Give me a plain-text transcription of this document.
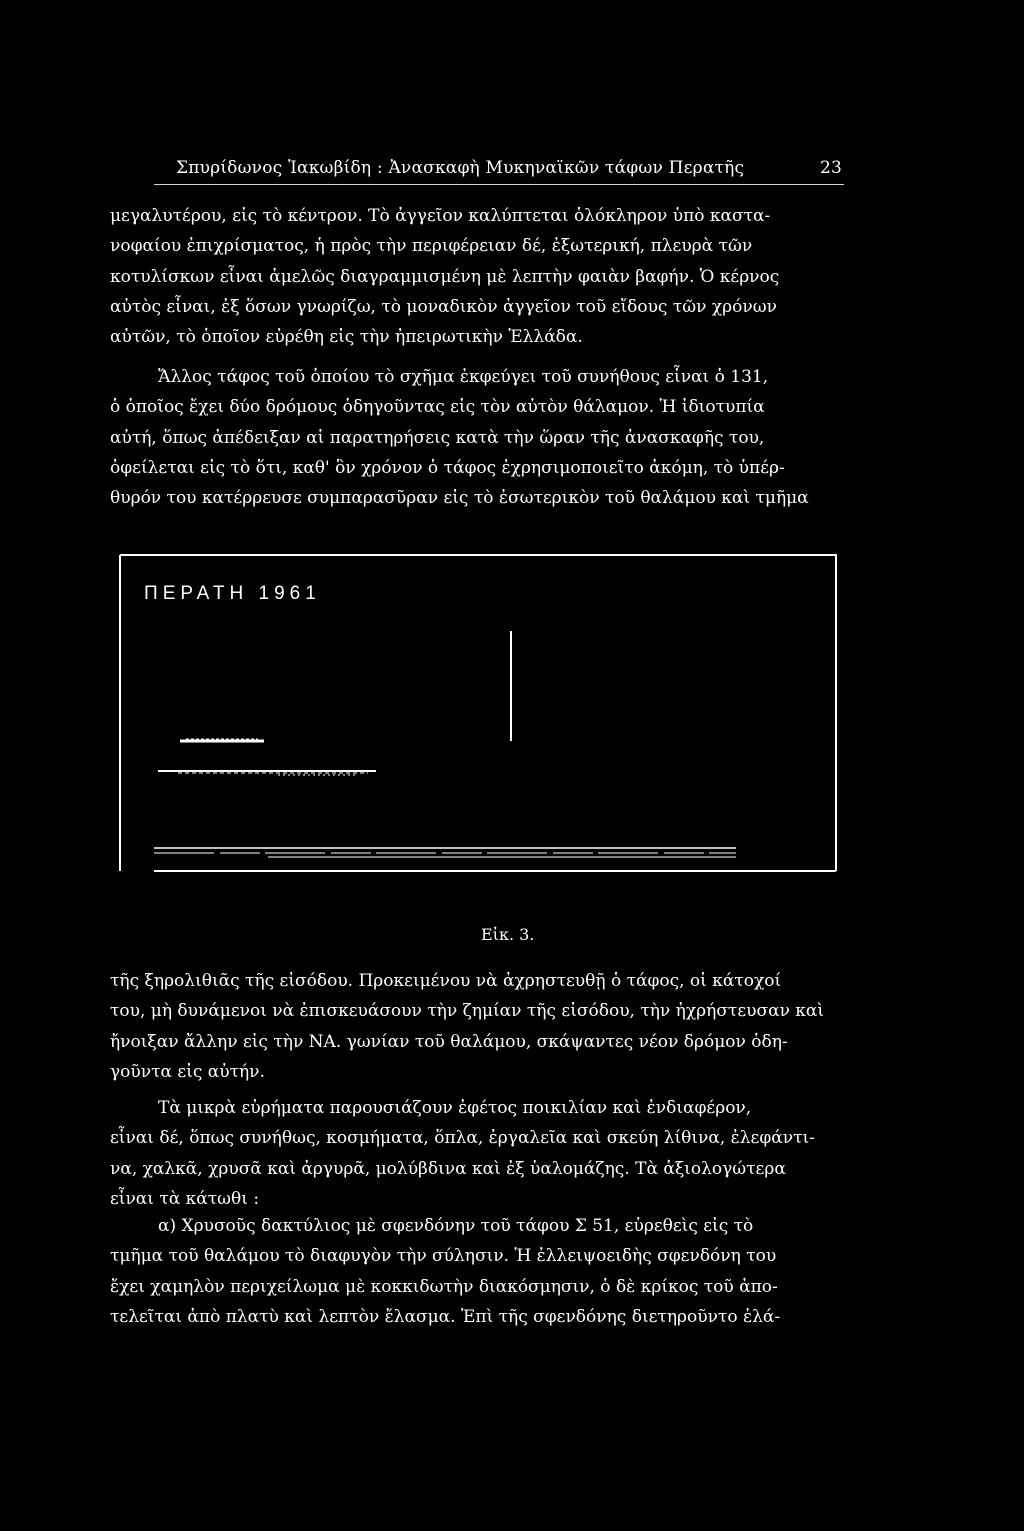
Σπυρίδωνος Ἰακωβίδη : Ἀνασκαφὴ Μυκηναϊκῶν τάφων Περατῆς	23
μεγαλυτέρου, εἰς τὸ κέντρον. Τὸ ἀγγεῖον καλύπτεται ὁλόκληρον ὑπὸ καστα-
νοφαίου ἐπιχρίσματος, ἡ πρὸς τὴν περιφέρειαν δέ, ἐξωτερική, πλευρὰ τῶν
κοτυλίσκων εἶναι ἀμελῶς διαγραμμισμένη μὲ λεπτὴν φαιὰν βαφήν. Ὁ κέρνος
αὐτὸς εἶναι, ἐξ ὅσων γνωρίζω, τὸ μοναδικὸν ἀγγεῖον τοῦ εἴδους τῶν χρόνων
αὐτῶν, τὸ ὁποῖον εὑρέθη εἰς τὴν ἠπειρωτικὴν Ἑλλάδα.
Ἄλλος τάφος τοῦ ὁποίου τὸ σχῆμα ἐκφεύγει τοῦ συνήθους εἶναι ὁ 131,
ὁ ὁποῖος ἔχει δύο δρόμους ὁδηγοῦντας εἰς τὸν αὐτὸν θάλαμον. Ἡ ἰδιοτυπία
αὐτή, ὅπως ἀπέδειξαν αἱ παρατηρήσεις κατὰ τὴν ὥραν τῆς ἀνασκαφῆς του,
ὀφείλεται εἰς τὸ ὅτι, καθ' ὃν χρόνον ὁ τάφος ἐχρησιμοποιεῖτο ἀκόμη, τὸ ὑπέρ-
θυρόν του κατέρρευσε συμπαρασῦραν εἰς τὸ ἐσωτερικὸν τοῦ θαλάμου καὶ τμῆμα
ΠΕΡΑΤΗ 1961
Εἰκ. 3.
τῆς ξηρολιθιᾶς τῆς εἰσόδου. Προκειμένου νὰ ἀχρηστευθῇ ὁ τάφος, οἱ κάτοχοί
του, μὴ δυνάμενοι νὰ ἐπισκευάσουν τὴν ζημίαν τῆς εἰσόδου, τὴν ἠχρήστευσαν καὶ
ἤνοιξαν ἄλλην εἰς τὴν ΝΑ. γωνίαν τοῦ θαλάμου, σκάψαντες νέον δρόμον ὁδη-
γοῦντα εἰς αὐτήν.
Τὰ μικρὰ εὑρήματα παρουσιάζουν ἐφέτος ποικιλίαν καὶ ἐνδιαφέρον,
εἶναι δέ, ὅπως συνήθως, κοσμήματα, ὅπλα, ἐργαλεῖα καὶ σκεύη λίθινα, ἐλεφάντι-
να, χαλκᾶ, χρυσᾶ καὶ ἀργυρᾶ, μολύβδινα καὶ ἐξ ὑαλομάζης. Τὰ ἀξιολογώτερα
εἶναι τὰ κάτωθι :
α) Χρυσοῦς δακτύλιος μὲ σφενδόνην τοῦ τάφου Σ 51, εὑρεθεὶς εἰς τὸ
τμῆμα τοῦ θαλάμου τὸ διαφυγὸν τὴν σύλησιν. Ἡ ἐλλειψοειδὴς σφενδόνη του
ἔχει χαμηλὸν περιχείλωμα μὲ κοκκιδωτὴν διακόσμησιν, ὁ δὲ κρίκος τοῦ ἀπο-
τελεῖται ἀπὸ πλατὺ καὶ λεπτὸν ἔλασμα. Ἐπὶ τῆς σφενδόνης διετηροῦντο ἐλά-
